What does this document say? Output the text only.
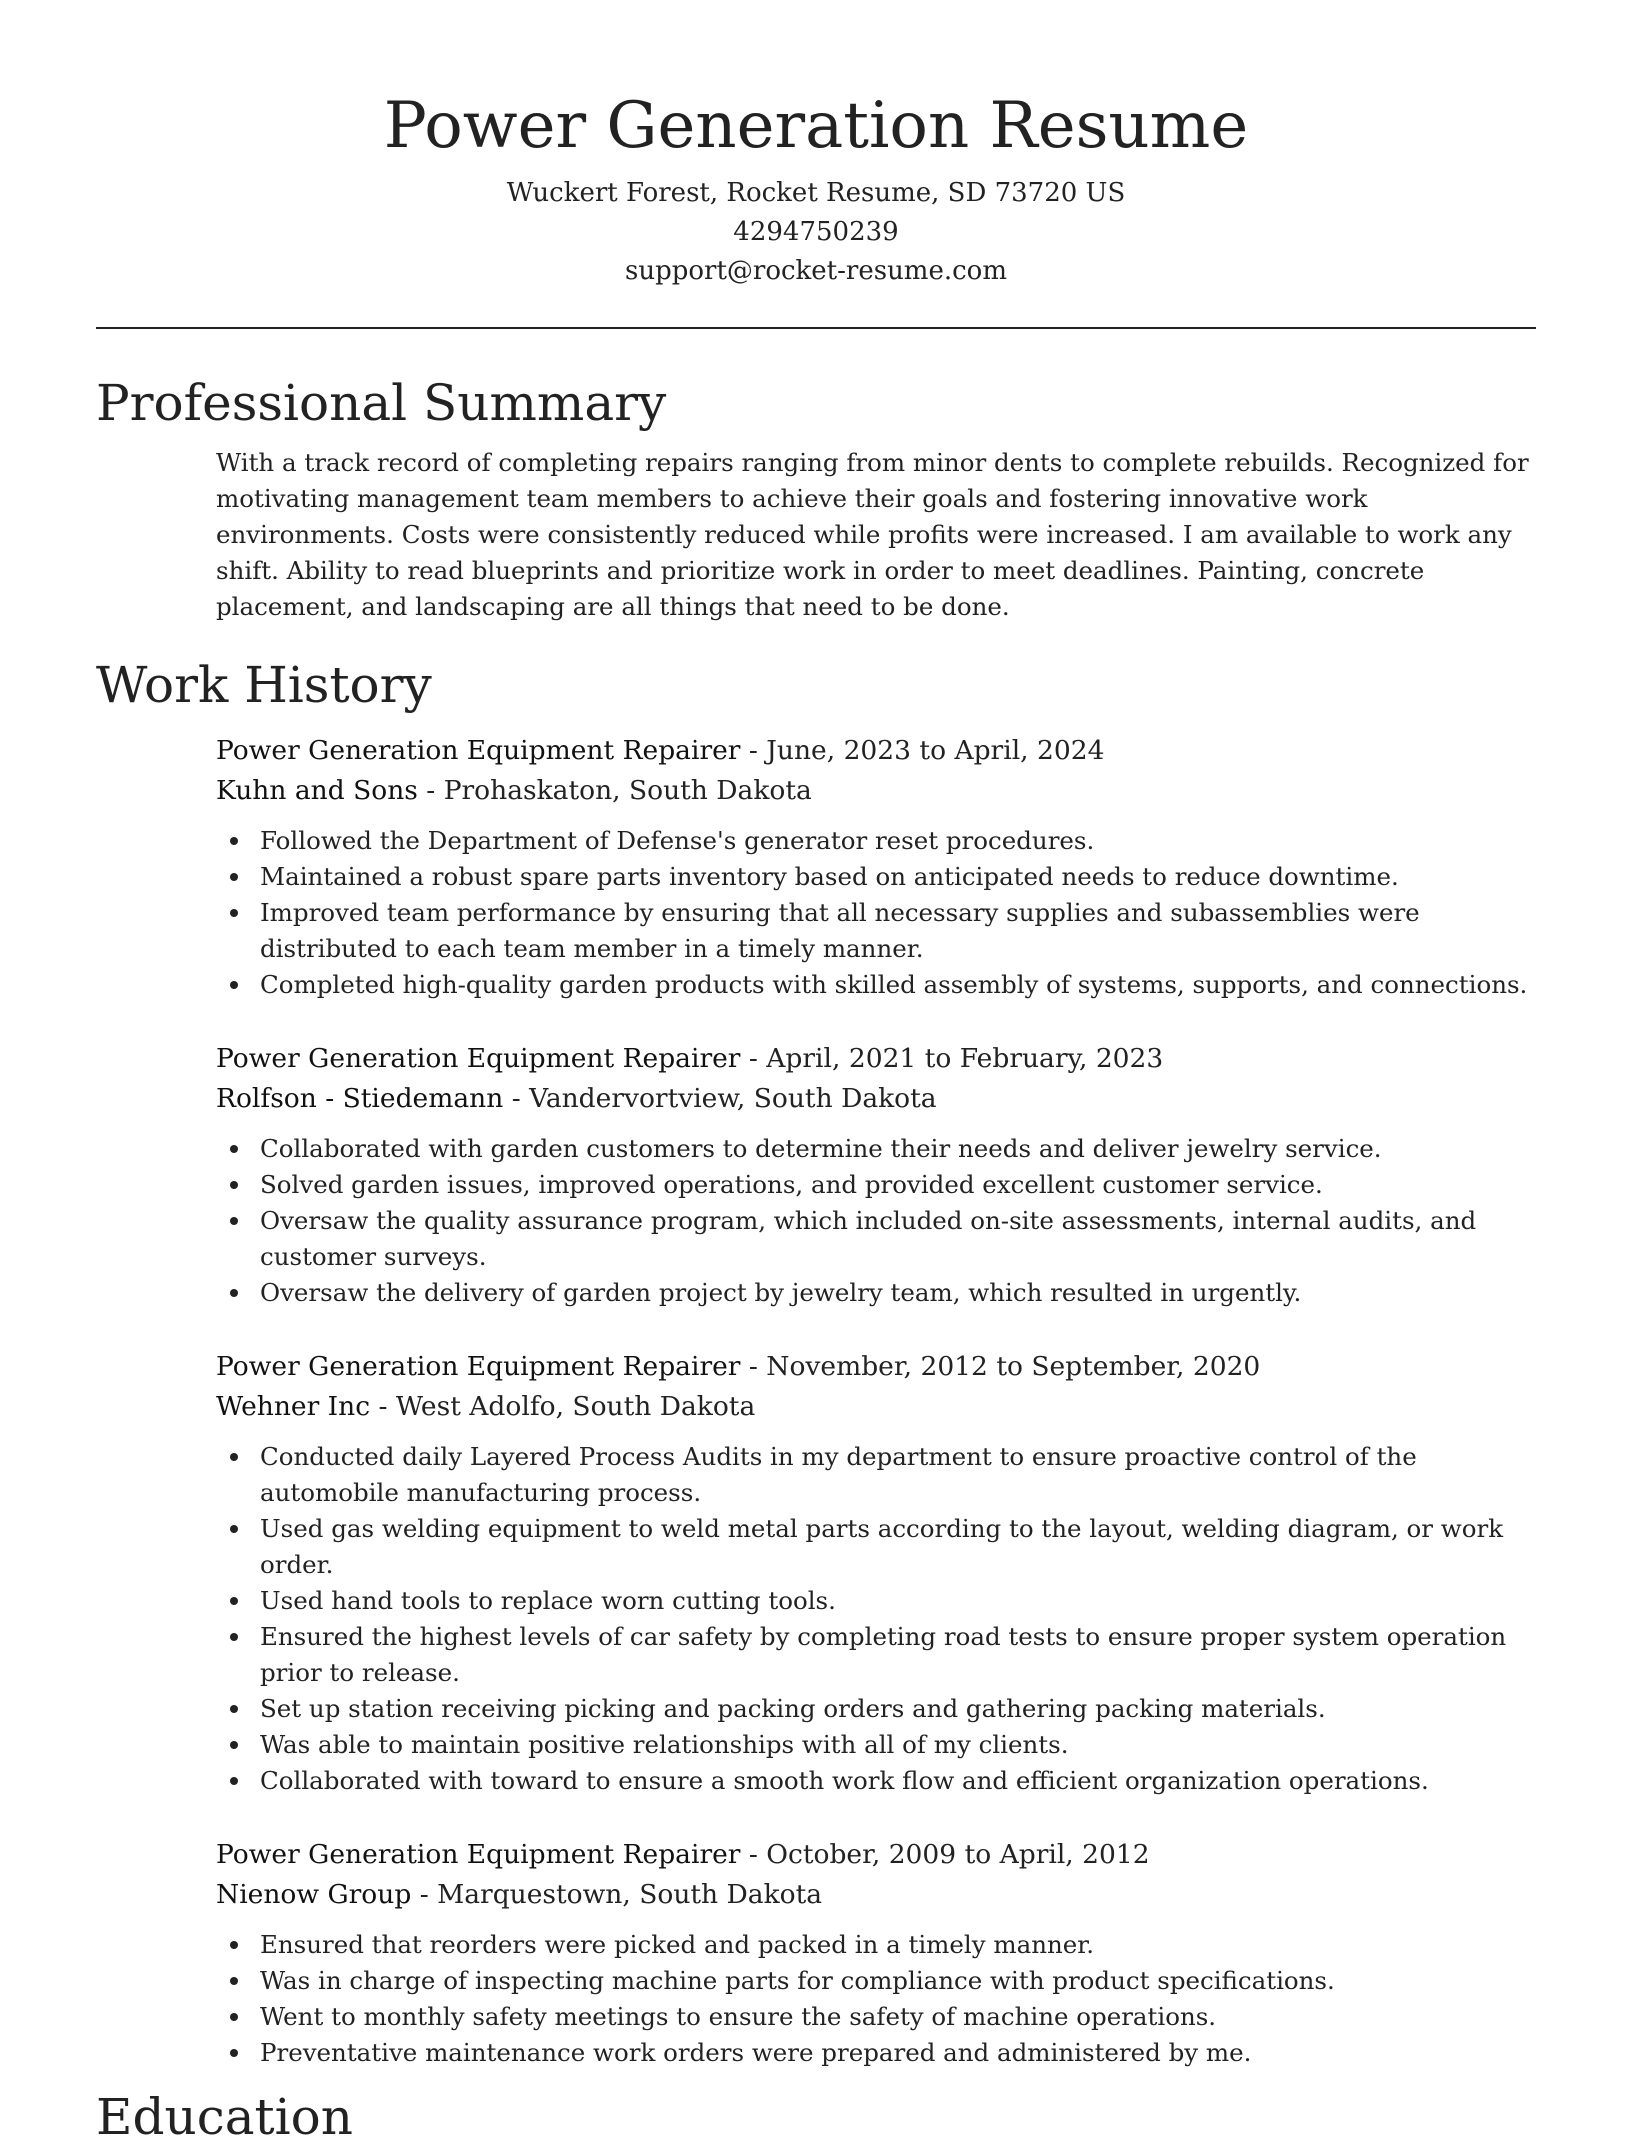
Power Generation Resume

Wuckert Forest, Rocket Resume, SD 73720 US

4294750239

support@rocket-resume.com

Professional Summary

With a track record of completing repairs ranging from minor dents to complete rebuilds. Recognized for motivating management team members to achieve their goals and fostering innovative work environments. Costs were consistently reduced while profits were increased. I am available to work any shift. Ability to read blueprints and prioritize work in order to meet deadlines. Painting, concrete placement, and landscaping are all things that need to be done.

Work History

Power Generation Equipment Repairer - June, 2023 to April, 2024

Kuhn and Sons - Prohaskaton, South Dakota

Followed the Department of Defense's generator reset procedures.
Maintained a robust spare parts inventory based on anticipated needs to reduce downtime.
Improved team performance by ensuring that all necessary supplies and subassemblies were distributed to each team member in a timely manner.
Completed high-quality garden products with skilled assembly of systems, supports, and connections.

Power Generation Equipment Repairer - April, 2021 to February, 2023

Rolfson - Stiedemann - Vandervortview, South Dakota

Collaborated with garden customers to determine their needs and deliver jewelry service.
Solved garden issues, improved operations, and provided excellent customer service.
Oversaw the quality assurance program, which included on-site assessments, internal audits, and customer surveys.
Oversaw the delivery of garden project by jewelry team, which resulted in urgently.

Power Generation Equipment Repairer - November, 2012 to September, 2020

Wehner Inc - West Adolfo, South Dakota

Conducted daily Layered Process Audits in my department to ensure proactive control of the automobile manufacturing process.
Used gas welding equipment to weld metal parts according to the layout, welding diagram, or work order.
Used hand tools to replace worn cutting tools.
Ensured the highest levels of car safety by completing road tests to ensure proper system operation prior to release.
Set up station receiving picking and packing orders and gathering packing materials.
Was able to maintain positive relationships with all of my clients.
Collaborated with toward to ensure a smooth work flow and efficient organization operations.

Power Generation Equipment Repairer - October, 2009 to April, 2012

Nienow Group - Marquestown, South Dakota

Ensured that reorders were picked and packed in a timely manner.
Was in charge of inspecting machine parts for compliance with product specifications.
Went to monthly safety meetings to ensure the safety of machine operations.
Preventative maintenance work orders were prepared and administered by me.
Education
